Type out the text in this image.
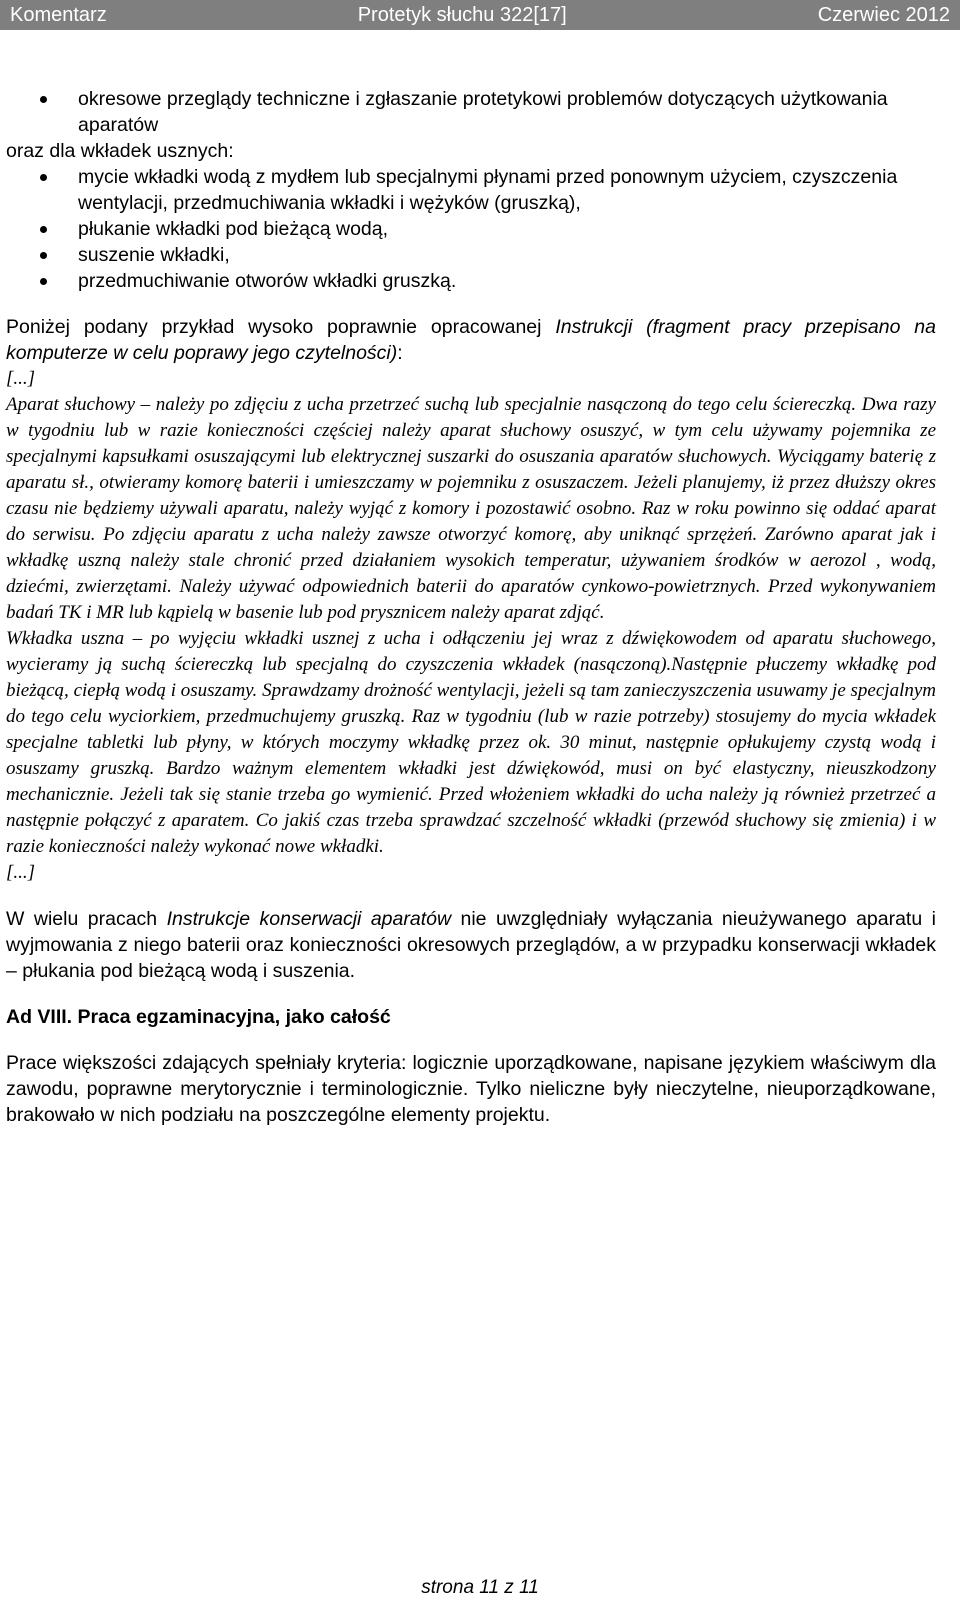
Komentarz	Protetyk słuchu 322[17]	Czerwiec 2012
okresowe przeglądy techniczne i zgłaszanie protetykowi problemów dotyczących użytkowania aparatów

oraz dla wkładek usznych:

mycie wkładki wodą z mydłem lub specjalnymi płynami przed ponownym użyciem, czyszczenia wentylacji, przedmuchiwania wkładki i wężyków (gruszką),
płukanie wkładki pod bieżącą wodą,
suszenie wkładki,
przedmuchiwanie otworów wkładki gruszką.

Poniżej podany przykład wysoko poprawnie opracowanej Instrukcji (fragment pracy przepisano na komputerze w celu poprawy jego czytelności):

[...]

Aparat słuchowy – należy po zdjęciu z ucha przetrzeć suchą lub specjalnie nasączoną do tego celu ściereczką. Dwa razy w tygodniu lub w razie konieczności częściej należy aparat słuchowy osuszyć, w tym celu używamy pojemnika ze specjalnymi kapsułkami osuszającymi lub elektrycznej suszarki do osuszania aparatów słuchowych. Wyciągamy baterię z aparatu sł., otwieramy komorę baterii i umieszczamy w pojemniku z osuszaczem. Jeżeli planujemy, iż przez dłuższy okres czasu nie będziemy używali aparatu, należy wyjąć z komory i pozostawić osobno. Raz w roku powinno się oddać aparat do serwisu. Po zdjęciu aparatu z ucha należy zawsze otworzyć komorę, aby uniknąć sprzężeń. Zarówno aparat jak i wkładkę uszną należy stale chronić przed działaniem wysokich temperatur, używaniem środków w aerozol , wodą, dziećmi, zwierzętami. Należy używać odpowiednich baterii do aparatów cynkowo-powietrznych. Przed wykonywaniem badań TK i MR lub kąpielą w basenie lub pod prysznicem należy aparat zdjąć.

Wkładka uszna – po wyjęciu wkładki usznej z ucha i odłączeniu jej wraz z dźwiękowodem od aparatu słuchowego, wycieramy ją suchą ściereczką lub specjalną do czyszczenia wkładek (nasączoną).Następnie płuczemy wkładkę pod bieżącą, ciepłą wodą i osuszamy. Sprawdzamy drożność wentylacji, jeżeli są tam zanieczyszczenia usuwamy je specjalnym do tego celu wyciorkiem, przedmuchujemy gruszką. Raz w tygodniu (lub w razie potrzeby) stosujemy do mycia wkładek specjalne tabletki lub płyny, w których moczymy wkładkę przez ok. 30 minut, następnie opłukujemy czystą wodą i osuszamy gruszką. Bardzo ważnym elementem wkładki jest dźwiękowód, musi on być elastyczny, nieuszkodzony mechanicznie. Jeżeli tak się stanie trzeba go wymienić. Przed włożeniem wkładki do ucha należy ją również przetrzeć a następnie połączyć z aparatem. Co jakiś czas trzeba sprawdzać szczelność wkładki (przewód słuchowy się zmienia) i w razie konieczności należy wykonać nowe wkładki.

[...]

W wielu pracach Instrukcje konserwacji aparatów nie uwzględniały wyłączania nieużywanego aparatu i wyjmowania z niego baterii oraz konieczności okresowych przeglądów, a w przypadku konserwacji wkładek – płukania pod bieżącą wodą i suszenia.

Ad VIII. Praca egzaminacyjna, jako całość

Prace większości zdających spełniały kryteria: logicznie uporządkowane, napisane językiem właściwym dla zawodu, poprawne merytorycznie i terminologicznie. Tylko nieliczne były nieczytelne, nieuporządkowane, brakowało w nich podziału na poszczególne elementy projektu.

strona 11 z 11
